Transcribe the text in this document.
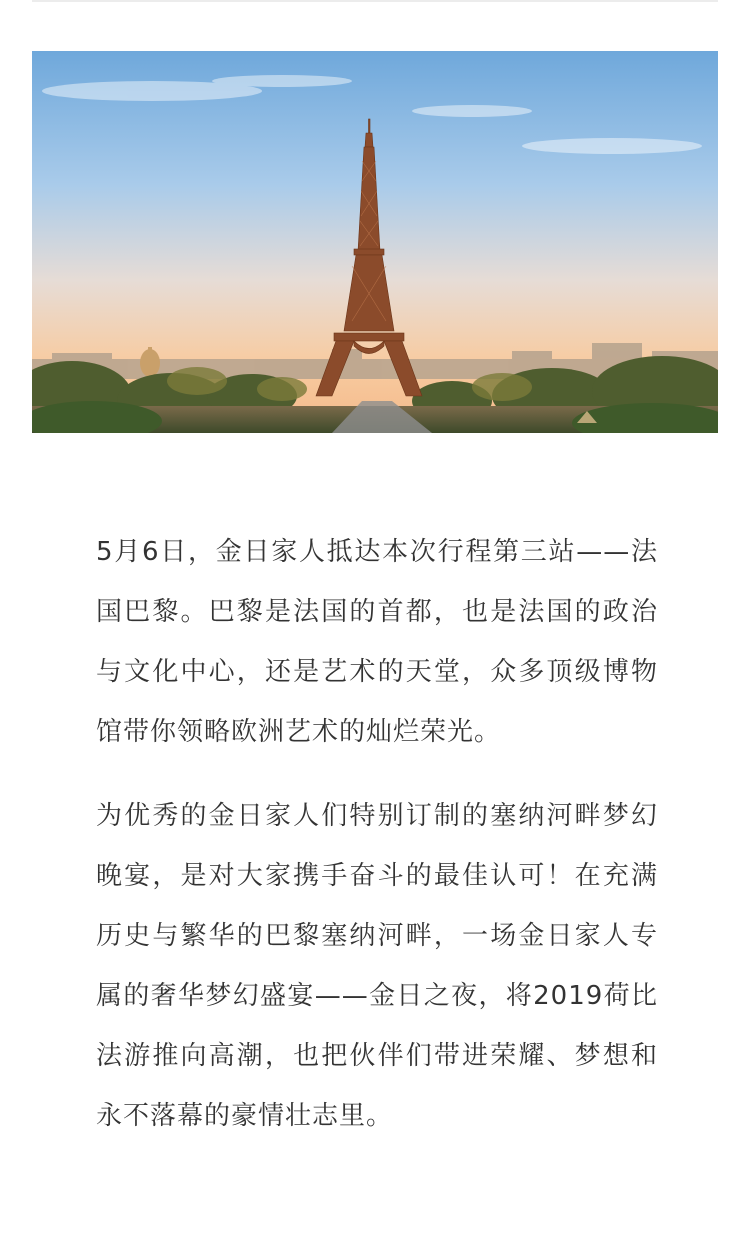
5月6日，金日家人抵达本次行程第三站——法国巴黎。巴黎是法国的首都，也是法国的政治与文化中心，还是艺术的天堂，众多顶级博物馆带你领略欧洲艺术的灿烂荣光。

为优秀的金日家人们特别订制的塞纳河畔梦幻晚宴，是对大家携手奋斗的最佳认可！在充满历史与繁华的巴黎塞纳河畔，一场金日家人专属的奢华梦幻盛宴——金日之夜，将2019荷比法游推向高潮，也把伙伴们带进荣耀、梦想和永不落幕的豪情壮志里。
